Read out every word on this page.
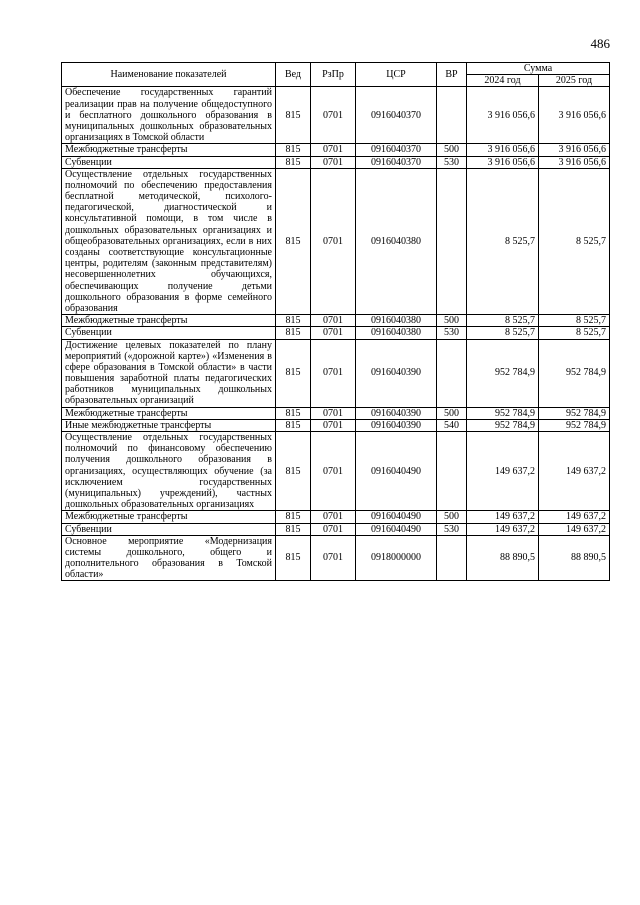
486
Наименование показателей	Вед	РзПр	ЦСР	ВР	Сумма	
					2024 год	2025 год
Обеспечение государственных гарантий реализации прав на получение общедоступного и бесплатного дошкольного образования в муниципальных дошкольных образовательных организациях в Томской области	815	0701	0916040370		3 916 056,6	3 916 056,6
Межбюджетные трансферты	815	0701	0916040370	500	3 916 056,6	3 916 056,6
Субвенции	815	0701	0916040370	530	3 916 056,6	3 916 056,6
Осуществление отдельных государственных полномочий по обеспечению предоставления бесплатной методической, психолого-педагогической, диагностической и консультативной помощи, в том числе в дошкольных образовательных организациях и общеобразовательных организациях, если в них созданы соответствующие консультационные центры, родителям (законным представителям) несовершеннолетних обучающихся, обеспечивающих получение детьми дошкольного образования в форме семейного образования	815	0701	0916040380		8 525,7	8 525,7
Межбюджетные трансферты	815	0701	0916040380	500	8 525,7	8 525,7
Субвенции	815	0701	0916040380	530	8 525,7	8 525,7
Достижение целевых показателей по плану мероприятий («дорожной карте») «Изменения в сфере образования в Томской области» в части повышения заработной платы педагогических работников муниципальных дошкольных образовательных организаций	815	0701	0916040390		952 784,9	952 784,9
Межбюджетные трансферты	815	0701	0916040390	500	952 784,9	952 784,9
Иные межбюджетные трансферты	815	0701	0916040390	540	952 784,9	952 784,9
Осуществление отдельных государственных полномочий по финансовому обеспечению получения дошкольного образования в организациях, осуществляющих обучение (за исключением государственных (муниципальных) учреждений), частных дошкольных образовательных организациях	815	0701	0916040490		149 637,2	149 637,2
Межбюджетные трансферты	815	0701	0916040490	500	149 637,2	149 637,2
Субвенции	815	0701	0916040490	530	149 637,2	149 637,2
Основное мероприятие «Модернизация системы дошкольного, общего и дополнительного образования в Томской области»	815	0701	0918000000		88 890,5	88 890,5
